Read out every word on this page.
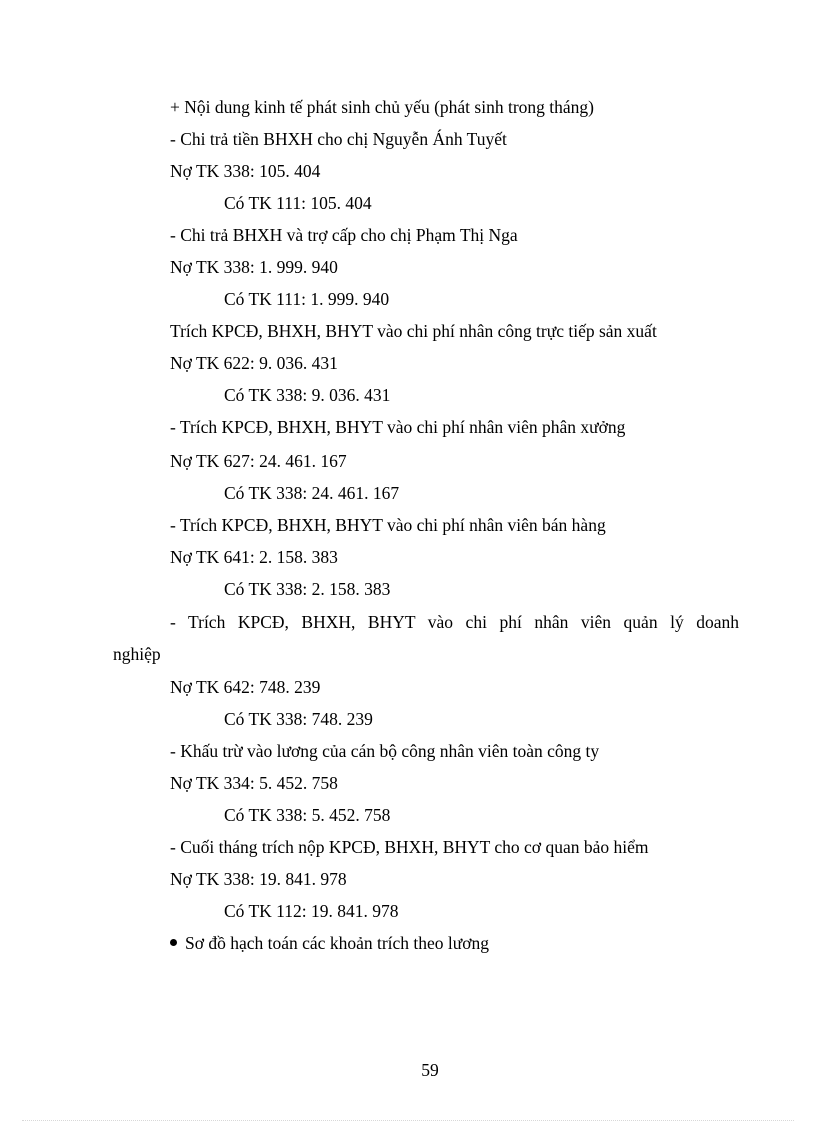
+ Nội dung kinh tế phát sinh chủ yếu (phát sinh trong tháng)
- Chi trả tiền BHXH cho chị Nguyễn Ánh Tuyết
Nợ TK 338: 105. 404
Có TK 111: 105. 404
- Chi trả BHXH và trợ cấp cho chị Phạm Thị Nga
Nợ TK 338: 1. 999. 940
Có TK 111: 1. 999. 940
Trích KPCĐ, BHXH, BHYT vào chi phí nhân công trực tiếp sản xuất
Nợ TK 622: 9. 036. 431
Có TK 338: 9. 036. 431
- Trích KPCĐ, BHXH, BHYT vào chi phí nhân viên phân xưởng
Nợ TK 627: 24. 461. 167
Có TK 338: 24. 461. 167
- Trích KPCĐ, BHXH, BHYT vào chi phí nhân viên bán hàng
Nợ TK 641: 2. 158. 383
Có TK 338: 2. 158. 383
- Trích KPCĐ, BHXH, BHYT vào chi phí nhân viên quản lý doanh
nghiệp
Nợ TK 642: 748. 239
Có TK 338: 748. 239
- Khấu trừ vào lương của cán bộ công nhân viên toàn công ty
Nợ TK 334: 5. 452. 758
Có TK 338: 5. 452. 758
- Cuối tháng trích nộp KPCĐ, BHXH, BHYT cho cơ quan bảo hiểm
Nợ TK 338: 19. 841. 978
Có TK 112: 19. 841. 978
Sơ đồ hạch toán các khoản trích theo lương
59
